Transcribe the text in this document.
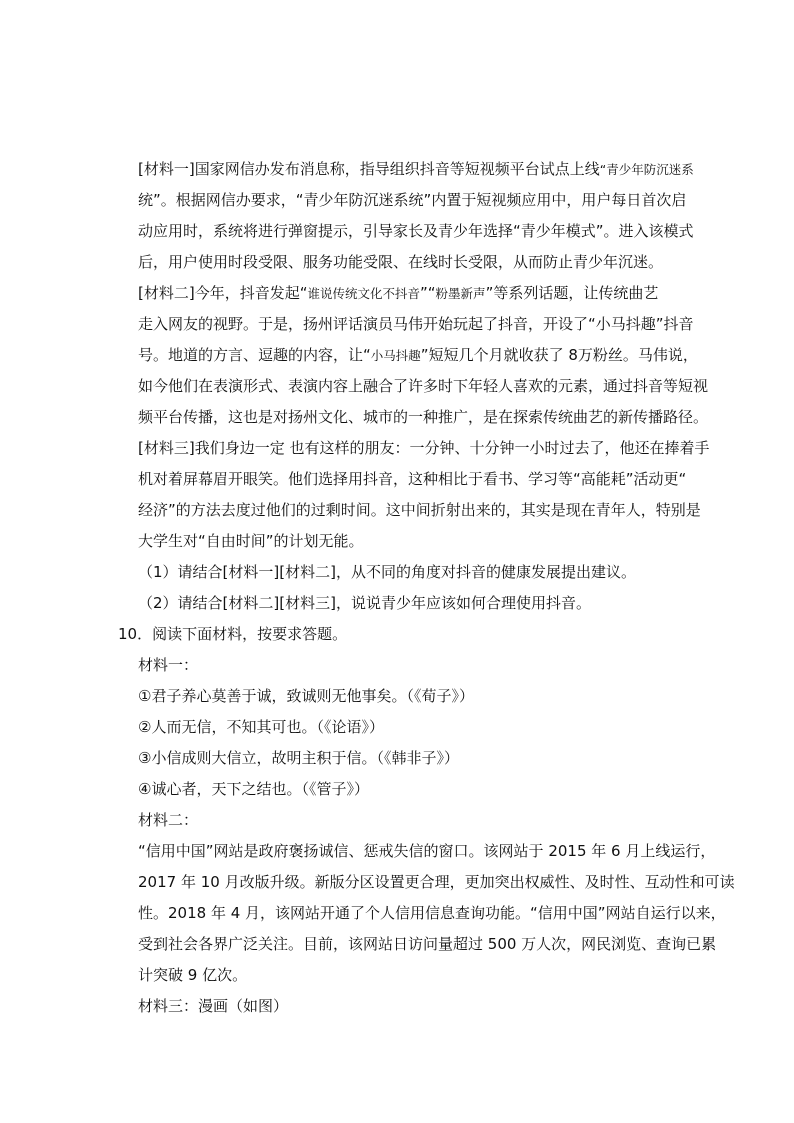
[材料一]国家网信办发布消息称，指导组织抖音等短视频平台试点上线“青少年防沉迷系
统”。根据网信办要求，“青少年防沉迷系统”内置于短视频应用中，用户每日首次启
动应用时，系统将进行弹窗提示，引导家长及青少年选择“青少年模式”。进入该模式
后，用户使用时段受限、服务功能受限、在线时长受限，从而防止青少年沉迷。
[材料二]今年，抖音发起“谁说传统文化不抖音”“粉墨新声”等系列话题，让传统曲艺
走入网友的视野。于是，扬州评话演员马伟开始玩起了抖音，开设了“小马抖趣”抖音
号。地道的方言、逗趣的内容，让“小马抖趣”短短几个月就收获了 8万粉丝。马伟说，
如今他们在表演形式、表演内容上融合了许多时下年轻人喜欢的元素，通过抖音等短视
频平台传播，这也是对扬州文化、城市的一种推广，是在探索传统曲艺的新传播路径。
[材料三]我们身边一定 也有这样的朋友：一分钟、十分钟一小时过去了，他还在捧着手
机对着屏幕眉开眼笑。他们选择用抖音，这种相比于看书、学习等“高能耗”活动更“
经济”的方法去度过他们的过剩时间。这中间折射出来的，其实是现在青年人，特别是
大学生对“自由时间”的计划无能。
（1）请结合[材料一][材料二]，从不同的角度对抖音的健康发展提出建议。
（2）请结合[材料二][材料三]，说说青少年应该如何合理使用抖音。
10．阅读下面材料，按要求答题。
材料一：
①君子养心莫善于诚，致诚则无他事矣。（《荀子》）
②人而无信，不知其可也。（《论语》）
③小信成则大信立，故明主积于信。（《韩非子》）
④诚心者，天下之结也。（《管子》）
材料二：
“信用中国”网站是政府褒扬诚信、惩戒失信的窗口。该网站于 2015 年 6 月上线运行，
2017 年 10 月改版升级。新版分区设置更合理，更加突出权威性、及时性、互动性和可读
性。2018 年 4 月，该网站开通了个人信用信息查询功能。“信用中国”网站自运行以来，
受到社会各界广泛关注。目前，该网站日访问量超过 500 万人次，网民浏览、查询已累
计突破 9 亿次。
材料三：漫画（如图）
